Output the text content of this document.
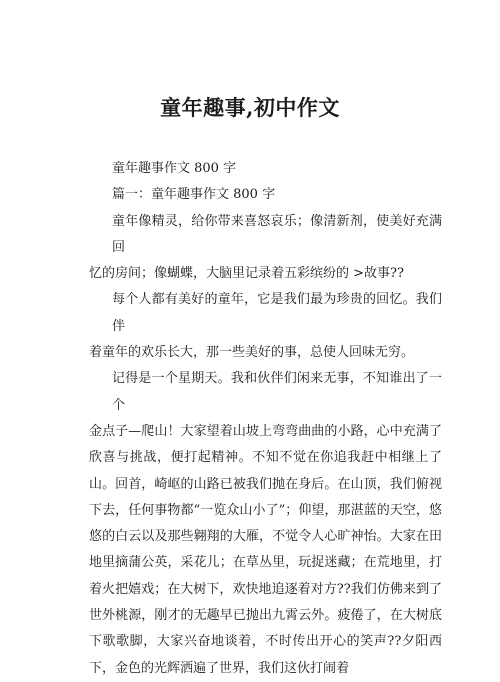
童年趣事,初中作文

童年趣事作文 800 字

篇一：童年趣事作文 800 字

童年像精灵，给你带来喜怒哀乐；像清新剂，使美好充满回
忆的房间；像蝴蝶，大脑里记录着五彩缤纷的 >故事??

每个人都有美好的童年，它是我们最为珍贵的回忆。我们伴
着童年的欢乐长大，那一些美好的事，总使人回味无穷。

记得是一个星期天。我和伙伴们闲来无事，不知谁出了一个
金点子—爬山！大家望着山坡上弯弯曲曲的小路，心中充满了欣喜与挑战，便打起精神。不知不觉在你追我赶中相继上了山。回首，崎岖的山路已被我们抛在身后。在山顶，我们俯视下去，任何事物都“一览众山小了”；仰望，那湛蓝的天空，悠悠的白云以及那些翱翔的大雁，不觉令人心旷神怡。大家在田地里摘蒲公英，采花儿；在草丛里，玩捉迷藏；在荒地里，打着火把嬉戏；在大树下，欢快地追逐着对方??我们仿佛来到了世外桃源，刚才的无趣早已抛出九霄云外。疲倦了，在大树底下歌歌脚，大家兴奋地谈着，不时传出开心的笑声??夕阳西下，金色的光辉洒遍了世界，我们这伙打闹着
